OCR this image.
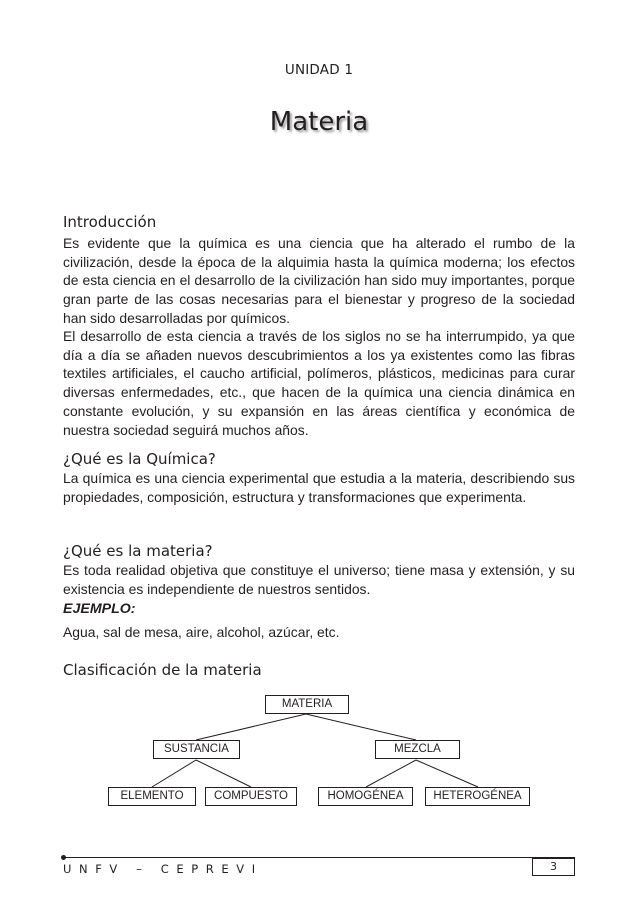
UNIDAD 1
Materia
Introducción

Es evidente que la química es una ciencia que ha alterado el rumbo de la civilización, desde la época de la alquimia hasta la química moderna; los efectos de esta ciencia en el desarrollo de la civilización han sido muy importantes, porque gran parte de las cosas necesarias para el bienestar y progreso de la sociedad han sido desarrolladas por químicos.

El desarrollo de esta ciencia a través de los siglos no se ha interrumpido, ya que día a día se añaden nuevos descubrimientos a los ya existentes como las fibras textiles artificiales, el caucho artificial, polímeros, plásticos, medicinas para curar diversas enfermedades, etc., que hacen de la química una ciencia dinámica en constante evolución, y su expansión en las áreas científica y económica de nuestra sociedad seguirá muchos años.

¿Qué es la Química?

La química es una ciencia experimental que estudia a la materia, describiendo sus propiedades, composición, estructura y transformaciones que experimenta.

¿Qué es la materia?

Es toda realidad objetiva que constituye el universo; tiene masa y extensión, y su existencia es independiente de nuestros sentidos.

EJEMPLO:
Agua, sal de mesa, aire, alcohol, azúcar, etc.
Clasificación de la materia
MATERIA
SUSTANCIA	MEZCLA
ELEMENTO	COMPUESTO	HOMOGÉNEA	HETEROGÉNEA
UNFV – CEPREVI	3
